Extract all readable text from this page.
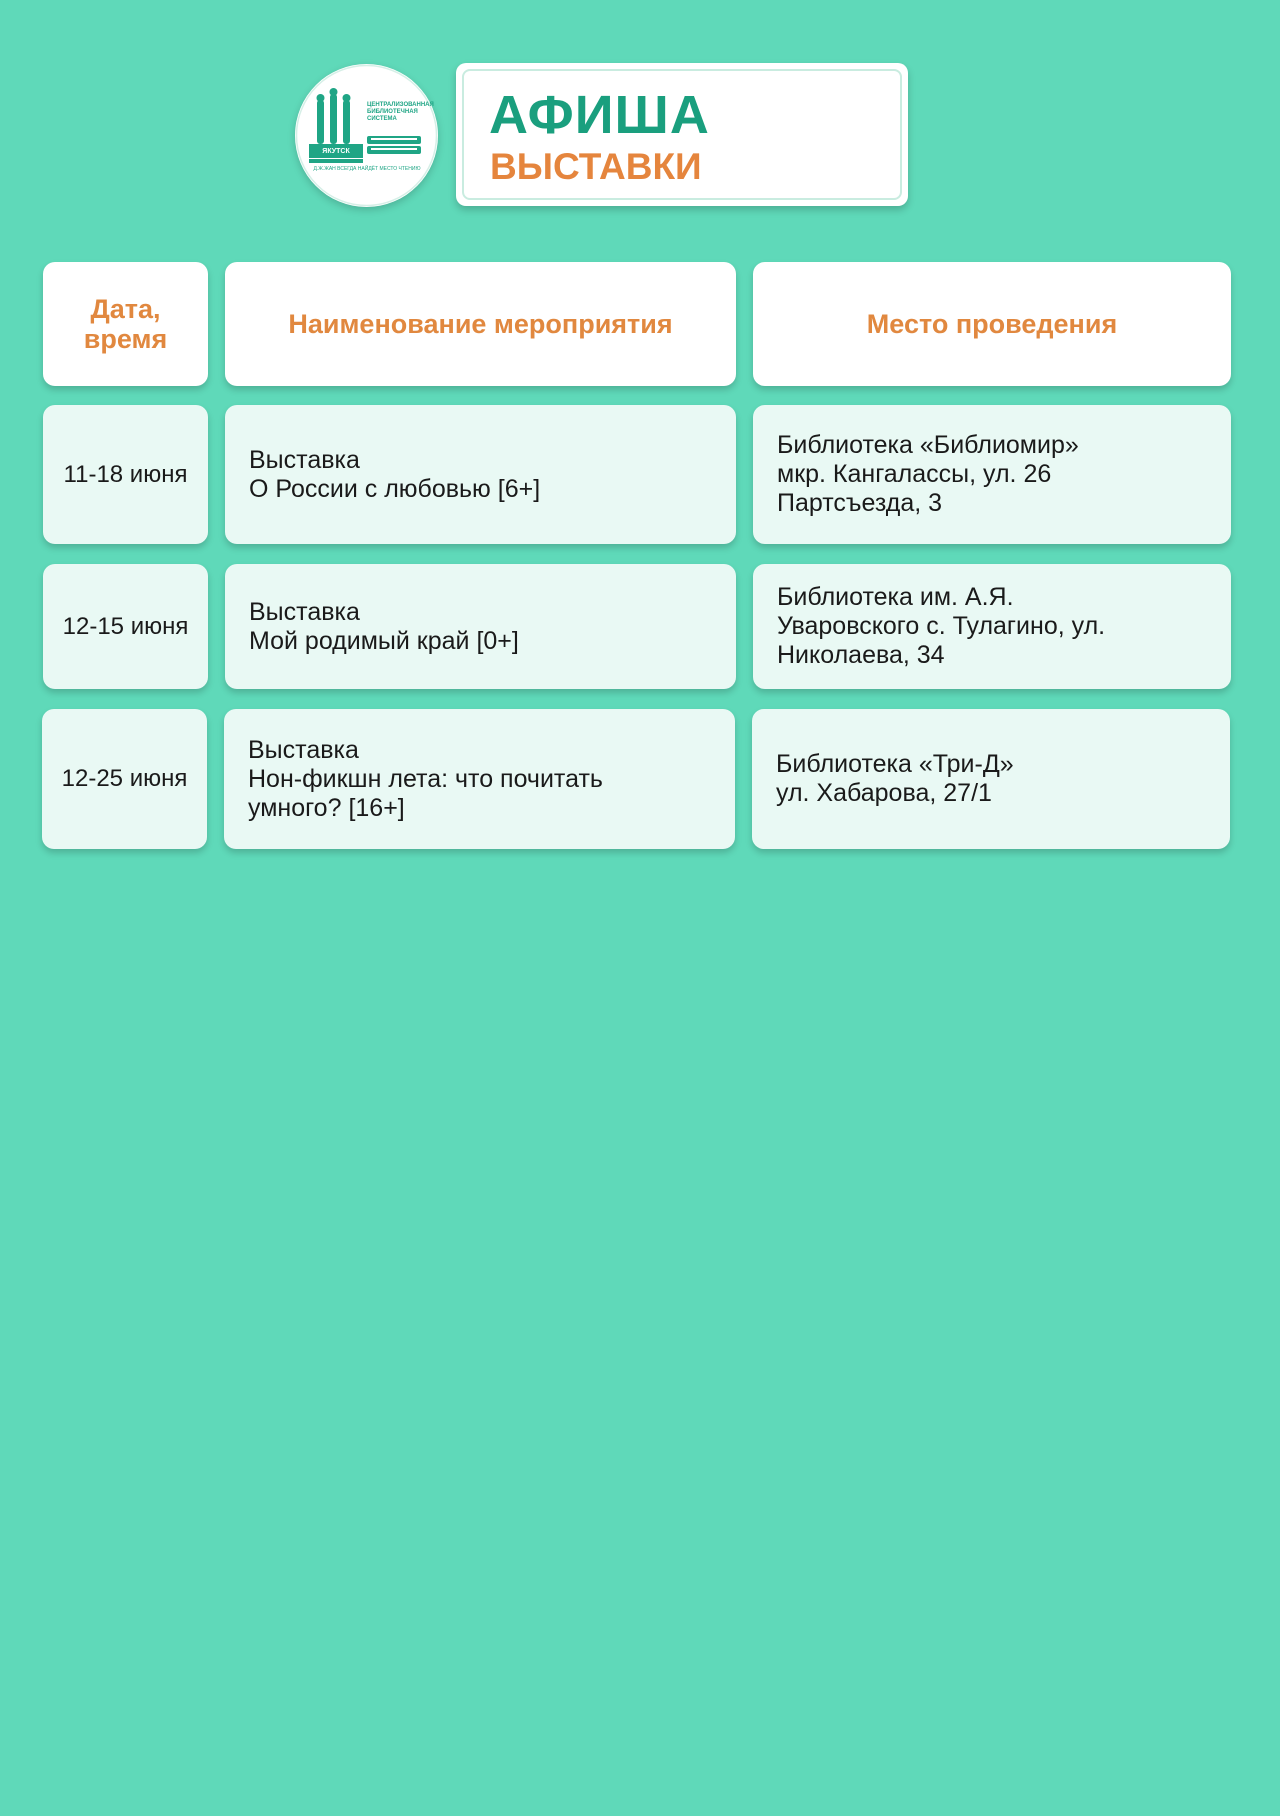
ЦЕНТРАЛИЗОВАННАЯ БИБЛИОТЕЧНАЯ СИСТЕМА
ЯКУТСК
Д.Ж.ЖАН ВСЕГДА НАЙДЁТ МЕСТО ЧТЕНИЮ
АФИША
ВЫСТАВКИ
Дата, время	Наименование мероприятия	Место проведения
11-18 июня
Выставка
О России с любовью [6+]
Библиотека «Библиомир»
мкр. Кангалассы, ул. 26
Партсъезда, 3
12-15 июня
Выставка
Мой родимый край [0+]
Библиотека им. А.Я.
Уваровского с. Тулагино, ул.
Николаева, 34
12-25 июня
Выставка
Нон-фикшн лета: что почитать
умного? [16+]
Библиотека «Три-Д»
ул. Хабарова, 27/1
